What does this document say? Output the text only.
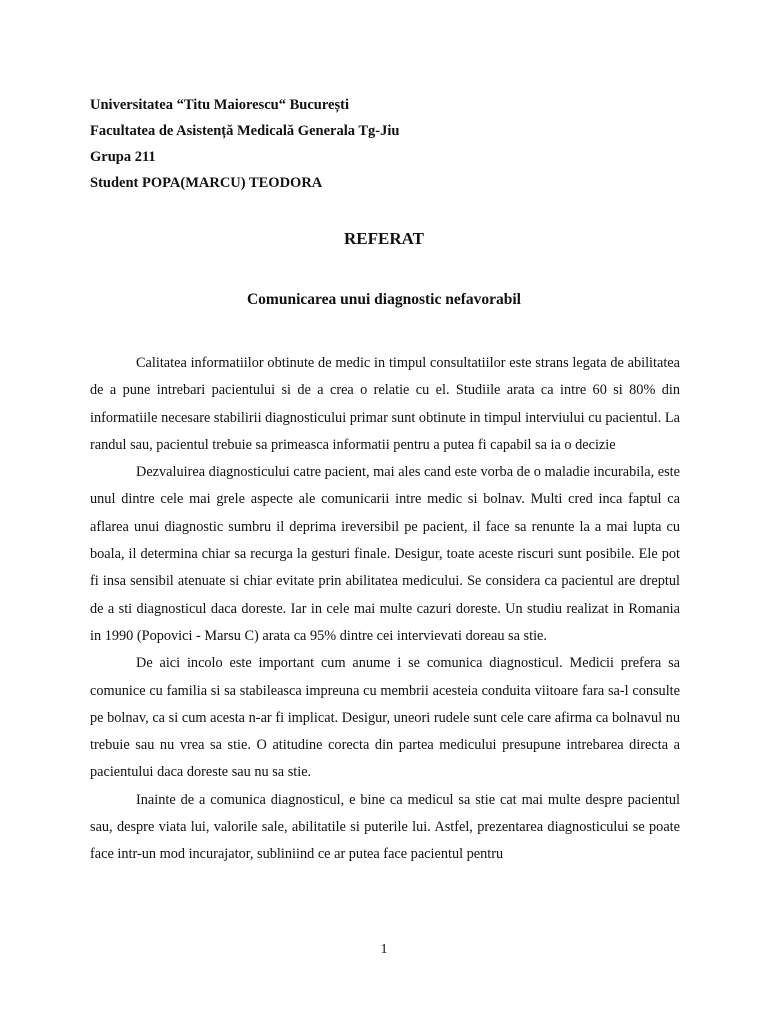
Universitatea “Titu Maiorescu“ București
Facultatea de Asistență Medicală Generala Tg-Jiu
Grupa 211
Student POPA(MARCU) TEODORA
REFERAT
Comunicarea unui diagnostic nefavorabil

Calitatea informatiilor obtinute de medic in timpul consultatiilor este strans legata de abilitatea de a pune intrebari pacientului si de a crea o relatie cu el. Studiile arata ca intre 60 si 80% din informatiile necesare stabilirii diagnosticului primar sunt obtinute in timpul interviului cu pacientul. La randul sau, pacientul trebuie sa primeasca informatii pentru a putea fi capabil sa ia o decizie

Dezvaluirea diagnosticului catre pacient, mai ales cand este vorba de o maladie incurabila, este unul dintre cele mai grele aspecte ale comunicarii intre medic si bolnav. Multi cred inca faptul ca aflarea unui diagnostic sumbru il deprima ireversibil pe pacient, il face sa renunte la a mai lupta cu boala, il determina chiar sa recurga la gesturi finale. Desigur, toate aceste riscuri sunt posibile. Ele pot fi insa sensibil atenuate si chiar evitate prin abilitatea medicului. Se considera ca pacientul are dreptul de a sti diagnosticul daca doreste. Iar in cele mai multe cazuri doreste. Un studiu realizat in Romania in 1990 (Popovici - Marsu C) arata ca 95% dintre cei intervievati doreau sa stie.

De aici incolo este important cum anume i se comunica diagnosticul. Medicii prefera sa comunice cu familia si sa stabileasca impreuna cu membrii acesteia conduita viitoare fara sa-l consulte pe bolnav, ca si cum acesta n-ar fi implicat. Desigur, uneori rudele sunt cele care afirma ca bolnavul nu trebuie sau nu vrea sa stie. O atitudine corecta din partea medicului presupune intrebarea directa a pacientului daca doreste sau nu sa stie.

Inainte de a comunica diagnosticul, e bine ca medicul sa stie cat mai multe despre pacientul sau, despre viata lui, valorile sale, abilitatile si puterile lui. Astfel, prezentarea diagnosticului se poate face intr-un mod incurajator, subliniind ce ar putea face pacientul pentru

1
